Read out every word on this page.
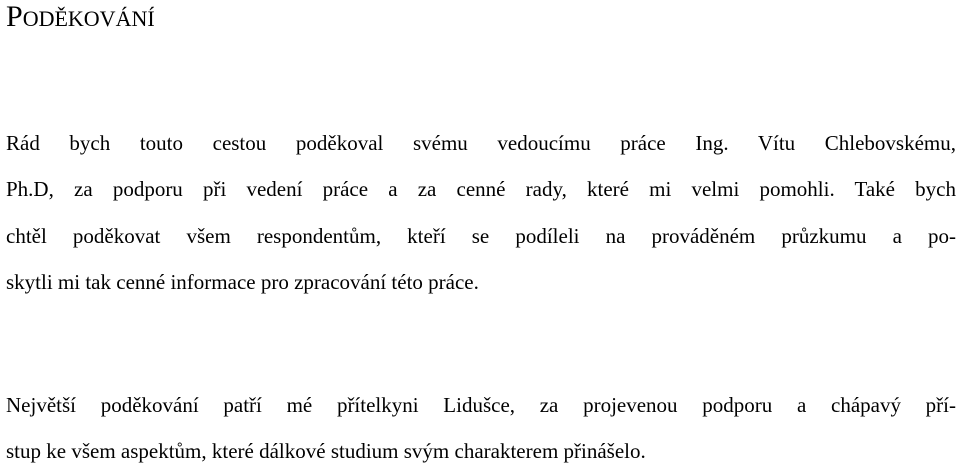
PODĚKOVÁNÍ
Rád bych touto cestou poděkoval svému vedoucímu práce Ing. Vítu Chlebovskému,
Ph.D, za podporu při vedení práce a za cenné rady, které mi velmi pomohli. Také bych
chtěl poděkovat všem respondentům, kteří se podíleli na prováděném průzkumu a po-
skytli mi tak cenné informace pro zpracování této práce.
Největší poděkování patří mé přítelkyni Lidušce, za projevenou podporu a chápavý pří-
stup ke všem aspektům, které dálkové studium svým charakterem přinášelo.
